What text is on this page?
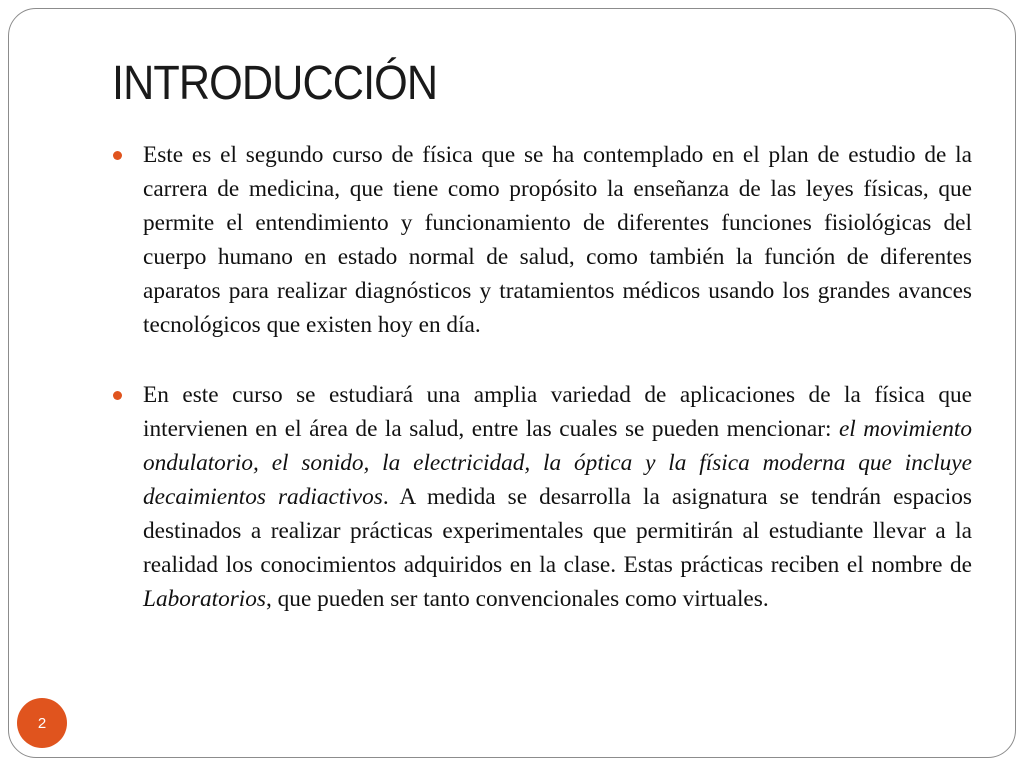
INTRODUCCIÓN
Este es el segundo curso de física que se ha contemplado en el plan de estudio de la carrera de medicina, que tiene como propósito la enseñanza de las leyes físicas, que permite el entendimiento y funcionamiento de diferentes funciones fisiológicas del cuerpo humano en estado normal de salud, como también la función de diferentes aparatos para realizar diagnósticos y tratamientos médicos usando los grandes avances tecnológicos que existen hoy en día.
En este curso se estudiará una amplia variedad de aplicaciones de la física que intervienen en el área de la salud, entre las cuales se pueden mencionar: el movimiento ondulatorio, el sonido, la electricidad, la óptica y la física moderna que incluye decaimientos radiactivos. A medida se desarrolla la asignatura se tendrán espacios destinados a realizar prácticas experimentales que permitirán al estudiante llevar a la realidad los conocimientos adquiridos en la clase. Estas prácticas reciben el nombre de Laboratorios, que pueden ser tanto convencionales como virtuales.
2
